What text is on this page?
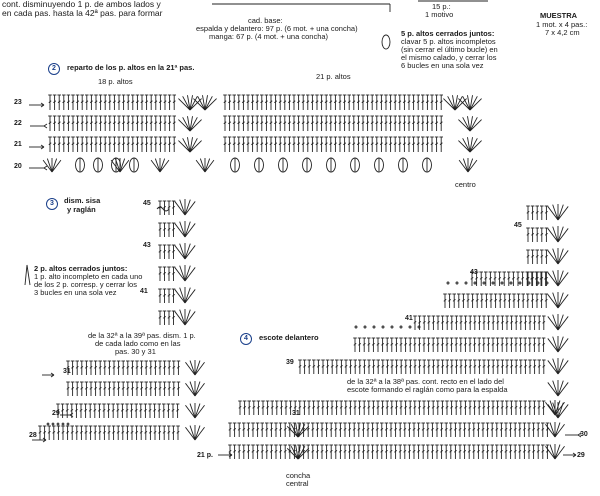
cont. disminuyendo 1 p. de ambos lados y
en cada pas. hasta la 42ª pas. para formar
cad. base:
espalda y delantero: 97 p. (6 mot. + una concha)
manga: 67 p. (4 mot. + una concha)
15 p.:
1 motivo	MUESTRA
1 mot. x 4 pas.:
7 x 4,2 cm
2	reparto de los p. altos en la 21ª pas.
18 p. altos
21 p. altos
23
22
21
20
centro
5 p. altos cerrados juntos:
clavar 5 p. altos incompletos
(sin cerrar el último bucle) en
el mismo calado, y cerrar los
6 bucles en una sola vez
3	dism. sisa
y raglán
45
43
41
31
29
28
2 p. altos cerrados juntos:
1 p. alto incompleto en cada uno
de los 2 p. corresp. y cerrar los
3 bucles en una sola vez
de la 32ª a la 39ª pas. dism. 1 p.
de cada lado como en las
pas. 30 y 31
4	escote delantero
45
43
41
39
31
30
29
21 p.
de la 32ª a la 38ª pas. cont. recto en el lado del
escote formando el raglán como para la espalda
concha
central
